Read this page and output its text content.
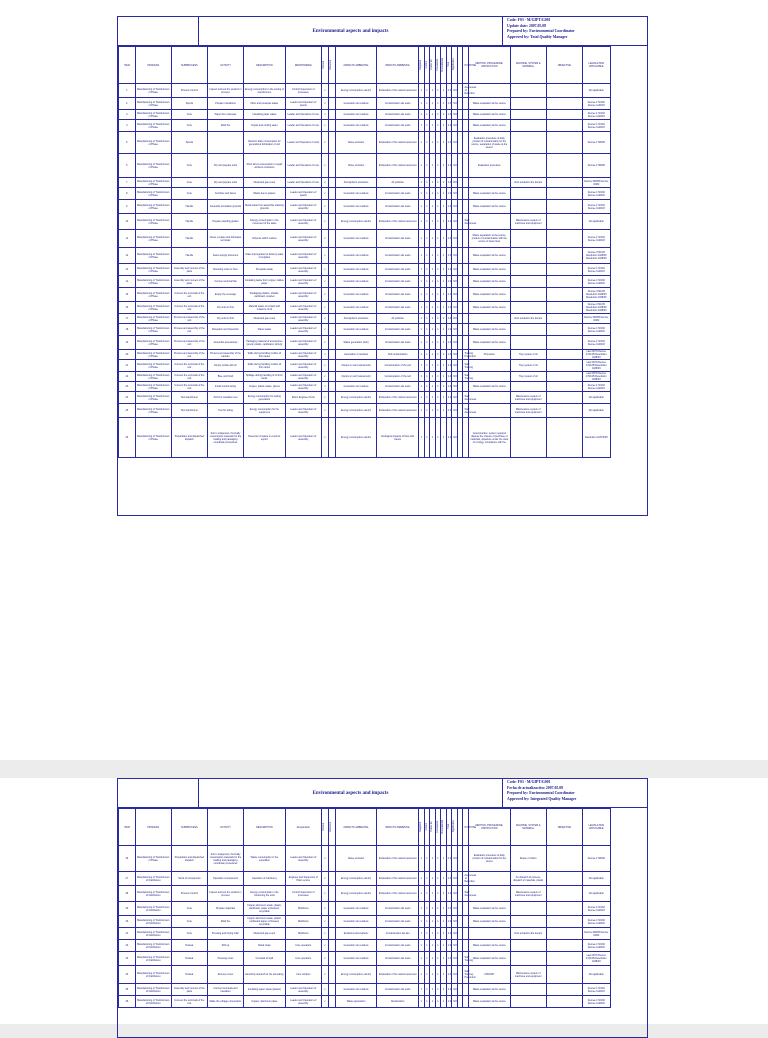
Environmental aspects and impacts
Code: F03 - M/GIPT/G001
Update date: 2007.05.08
Prepared by: Environmental Coordinator
Approved by: Total Quality Manager
ITEM	PROCESS	SUBPROCESS	ACTIVITY	DESCRIPTION	RESPONSIBLE	Normal	Abnormal	ASPECTO AMBIENTAL	IMPACTO AMBIENTAL	Magnitud	Control	Partes int.	Frecuencia	Normatividad	Total	Significativo		PURPOSE	METHOD, PROCEDURE, INSTRUCTION	MACHINE, SYSTEM & MATERIAL	OBJECTIVE	LEGISLATION APPLICABLE
1	Manufacturing of Transformers of Phase	Process Control	Inspect and test the product in process	Energy consumption in the testing of transformers	Control Supervisor of processes	x		Energy consumption electric	Exhaustion of the natural resources	1	1	1	1	1	1.6	NO		Awareness of Retention				Not applicable
2	Manufacturing of Transformers of Phase	Spools	Prepare insulations	Fiber and presspan waste	Leader and Operators of spools	x		Generation de residuos	Contamination del suelo	1	1	1	1	1	1.6	NO			Waste separation at the source			Decree 1713/02 Decree 1140/03
3	Manufacturing of Transformers of Phase	Core	Paper the nucleuses	Insulating paper waste	Leader and Operators of core	x		Generation de residuos	Contamination del suelo	1	1	1	1	1	1.6	NO			Waste separation at the source			Decree 1713/02 Decree 1140/03
4	Manufacturing of Transformers of Phase	Core	Mold the	Impact and cooling water	Leader and Operators of core	x		Generation de residuos	Contamination del suelo	1	1	1	1	1	1.6	NO			Waste separation at the source			Decree 1713/02 Decree 1140/03
5	Manufacturing of Transformers of Phase	Spools		Random daily consumption for generalized lubrication of unit	Leader and Operators of units	x		Noise emission	Exhaustion of the natural resources	1	1	1	1	1	1.6	NO			Evaluation procedure of daily product of contamination for the source, separation of waste at the source			Decree 1728/96
6	Manufacturing of Transformers of Phase	Core	Dry and prepare units	Short direct consumption to repair ambient emissions	Leader and Operators of core	x		Noise emission	Exhaustion of the natural resources	1	1	1	1	1	1.6	NO			Evaluation procedure			Decree 1728/96
7	Manufacturing of Transformers of Phase	Core	Dry and prepare units	Metal and gas event	Leader and Operators of core	x		Atmospheric emissions	Air pollution	1	1	1	1	1	1.6	NO				Dust extraction the dumps		Decree 948/95 Decree 02/82
8	Manufacturing of Transformers of Phase	Core	Combine and tissue	Waste due to papers	Leader and Operators of spools	x		Generation de residuos	Contamination del suelo	1	1	1	1	1	1.6	NO			Waste separation at the source			Decree 1713/02 Decree 1140/03
9	Manufacturing of Transformers of Phase	Handle	Assemble simulation grounds	Metal waste from assemble stacking grounds	Leader and Operators of assembly	x		Generation de residuos	Contamination del suelo	1	1	1	1	1	1.6	NO			Waste separation at the source			Decree 1713/02 Decree 1140/03
10	Manufacturing of Transformers of Phase	Handle	Prepare standing grades	Energy consumption in the movement of the sales	Leader and Operators of assembly	x		Energy consumption electric	Exhaustion of the natural resources	1	1	1	1	1	1.6	NO		Staff Awareness		Maintenance system of machines and equipment		Not applicable
11	Manufacturing of Transformers of Phase	Handle	Clean, prepare and lubricates terminals	Solvents which residue	Leader and Operators of assembly	x		Generation de residuos	Contamination del suelo	1	1	1	1	1	1.6	NO			Waste separation at the source, product of contamination with the source of clean lines			Decree 1713/02 Decree 1140/03
12	Manufacturing of Transformers of Phase	Handle	Seal a supply document	Glass impregnated of delivery water of supplies	Leader and Operators of assembly	x		Generation de residuos	Contamination del suelo	1	1	1	1	1	1.6	NO			Waste separation at the source			Decree 4741/05 Resolution 1188/03 Resolution 1188/03
13	Manufacturing of Transformers of Phase	Assembly and connect of the parts	Mounting units on lines	Presspan waste	Leader and Operators of assembly	x		Generation de residuos	Contamination del suelo	1	1	1	1	1	1.6	NO			Waste separation at the source			Decree 1713/02 Decree 1140/03
14	Manufacturing of Transformers of Phase	Assembly and connect of the parts	Connect terminal flat	Insulating waste from copper, cables paper	Leader and Operators of assembly	x		Generation de residuos	Contamination del suelo	1	1	1	1	1	1.6	NO			Waste separation at the source			Decree 1713/02 Decree 1140/03
15	Manufacturing of Transformers of Phase	Connect the terminals of the unit	Empty the coverage	Packaging plastics, shields, cardboard, wooden	Leader and Operators of assembly	x		Generation de residuos	Contamination del suelo	1	1	1	1	1	4.1	NO			Waste separation at the source			Decree 4741/05 Resolution 1188/03 Resolution 1188/03
16	Manufacturing of Transformers of Phase	Connect the terminals of the unit	Dry units in Port	Material waste of contact with nuisance of oil	Leader and Operators of assembly	x		Generation de residuos	Contamination del suelo	1	1	1	1	1	1.6	NO			Waste separation at the source			Decree 4741/05 Resolution 1188/03 Resolution 1188/03
17	Manufacturing of Transformers of Phase	Process and assembly of the unit	Dry units in Port	Metal and gas event	Leader and Operators of assembly	x		Atmospheric emissions	Air pollution	1	1	1	1	1	1.6	NO				Dust extraction the dumps		Decree 948/95 Decree 02/82
18	Manufacturing of Transformers of Phase	Process and assembly of the unit	Reception and Inspection	Paper waste	Leader and Operators of assembly	x		Generation de residuos	Contamination del suelo	1	1	1	1	1	1.6	NO			Waste separation at the source			Decree 1713/02 Decree 1140/03
19	Manufacturing of Transformers of Phase	Process and assembly of the unit	Assemble accessories	Packaging material of accessories (wood, plastic, cardboard, stirrup)	Leader and Operators of assembly	x		Waste generation (Ash)	Contamination del suelo	1	1	1	1	1	1.6	NO			Waste separation at the source			Decree 1713/02 Decree 1140/03
20	Manufacturing of Transformers of Phase	Process and assembly of the unit	Process and assembly of the transfer	Spills during handling mobile oil from tanks	Leader and Operators of assembly	x		Generation of residues	Soil contamination	1	1	1	1	1	1.6	NO		Training, Prevention	Procedure	Tray system of oil		Law 09/79 Decree 4741/05 Resolution 1188/03
21	Manufacturing of Transformers of Phase	Connect the terminals of the unit	Empty mobile with oil	Spills during handling mobile oil from tanks	Leader and Operators of assembly	x		Dumps on soil (natural soil)	Contamination of the soil	1	1	1	1	1	1.6	NO		Staff Training		Tray system of oil		Law 09/79 Decree 4741/05 Resolution 1188/03
22	Manufacturing of Transformers of Phase	Connect the terminals of the unit	Blue unit finish	Spillage during handling of oil from tanks	Leader and Operators of assembly	x		Dumps on soil (natural soil)	Contamination of the soil	1	1	1	1	1	1.6	NO		Staff Training		Tray system of oil		Law 09/79 Decree 4741/05 Resolution 1188/03
23	Manufacturing of Transformers of Phase	Connect the terminals of the unit	Install control wiring	Copper, plastic waste, gloves	Leader and Operators of assembly	x		Generation de residuos	Contamination del suelo	1	1	1	1	1	1.6	NO			Waste separation at the source			Decree 1713/02 Decree 1140/03
24	Manufacturing of Transformers of Phase	Test transformer	Perform insulation test	Energy consumption for testing generators	Room Engineer Tests	x		Energy consumption electric	Exhaustion of the natural resources	1	1	1	1	1	1.6	NO		Staff Awareness		Maintenance system of machines and equipment		Not applicable
25	Manufacturing of Transformers of Phase	Test transformer	Test for wiring	Energy consumption for the equipment	Leader and Operators of assembly	x		Energy consumption electric	Exhaustion of the natural resources	1	1	1	1	1	1.6	NO		Staff Awareness		Maintenance system of machines and equipment		Not applicable
26	Manufacturing of Transformers of Phase	Preparation and dispatched dispatch	Sort ir antigenous, thermally consumption materials for the loading and packaging coordinate procedures	Reservoir of waste in excel for export	Leader and Operators of assembly	x		Energy consumption electric	Ecological impacts of floor with facets	1	1	1	1	1	1.6	NO			Good practice: system required dispose the closure of purchase of materials, departure under the clear of ecology, compliance with the			Resolution 1047/0/05
Environmental aspects and impacts
Code: F03 - M/GIPT/G001
Fecha de actualización: 2007.05.08
Prepared by: Environmental Coordinator
Approved by: Integrated Quality Manager
ITEM	PROCESS	SUBPROCESS	ACTIVITY	DESCRIPTION	Responsible	Normal	Abnormal	ASPECTO AMBIENTAL	IMPACTO AMBIENTAL	Magnitud	Control	Partes int.	Frecuencia	Normatividad	Total	Significativo		PURPOSE	METHOD, PROCEDURE, INSTRUCTION	MACHINE, SYSTEM & MATERIAL	OBJECTIVE	LEGISLATION APPLICABLE
26	Manufacturing of Transformers of Phase	Preparation and dispatched dispatch	Sort ir antigenous, thermally consumption materials for the loading and packaging coordinate procedures	Waste consumption in the expedition	Leader and Operators of assembly	x		Noise emission	Exhaustion of the natural resources	1	1	1	1	1	1.6	NO			Evaluation procedure of daily product of contamination for the source	Reuse of rollers		Decree 1728/96
27	Manufacturing of Transformers of Distribution	Stock of components	Operation compressors	Operation of machinery	Engineer and Supervisor of Plant service	x		Energy consumption electric	Exhaustion of the natural resources	1	1	1	1	1	1.6	NO		Awareness of Retention		Air dispatch of process, dispatch of materials, plastic		Not applicable
28	Manufacturing of Transformers of Distribution	Process Control	Inspect and test the product in process	Energy consumption in the monitoring the tools	Control Supervisor of processes	x		Energy consumption electric	Exhaustion of the natural resources	1	1	1	1	1	1.6	NO		Staff Awareness		Maintenance system of machines and equipment		Not applicable
29	Manufacturing of Transformers of Distribution	Core	Prepare materials	Copper aluminum waste, plastic, cardboard, paper embossed, recyclable	Workforce	x		Generation de residuos	Contamination del suelo	1	1	1	1	1	1.6	NO			Waste separation at the source			Decree 1713/02 Decree 1140/03
30	Manufacturing of Transformers of Distribution	Core	Mold the	Copper aluminum waste, plastic, cardboard paper embossed, recyclable	Workforce	x		Generation de residuos	Contamination del suelo	1	1	1	1	1	1.6	NO			Waste separation at the source			Decree 1713/02 Decree 1140/03
31	Manufacturing of Transformers of Distribution	Core	Pressing and drying roller	Metal and gas event	Workforce	x		Emissions atmospheric	Contamination del aire	1	1	1	1	1	1.6	NO				Dust extraction the dumps		Decree 948/95 Decree 02/82
32	Manufacturing of Transformers of Distribution	Nuclear	Roll up	Metal scrap	Core operators	x		Generation de residuos	Contamination del suelo	1	1	1	1	1	1.6	NO			Waste separation at the source			Decree 1713/02 Decree 1140/03
33	Manufacturing of Transformers of Distribution	Nuclear	Pressing cores	Cut-back oil spill	Core operators	x		Generation de residuos	Contamination del suelo	1	1	1	1	1	1.6	NO		Staff Training	Waste separation at the source			Law 09/79 Decree 4741/05 Resolution 1188/03
34	Manufacturing of Transformers of Distribution	Nuclear	Remove cores	Electricity demand for the annealing	Core workers	x		Energy consumption electric	Exhaustion of the natural resources	1	1	1	1	1	1.6	NO		Staff Training, Prevention	CPF0407	Maintenance system of machines and equipment		Not applicable
35	Manufacturing of Transformers of Distribution	Assembly and connect of the parts	Connect terminals and insulation	Insulating paper waste (plastic)	Leader and Operators of assembly	x		Generation de residuos	Contamination del suelo	1	1	1	1	1	1.6	NO			Waste separation at the source			Decree 1713/02 Decree 1140/03
36	Manufacturing of Transformers of Distribution	Connect the terminals of the unit	Make the voltage connections	Copper, aluminum paste	Leader and Operators of assembly	x		Waste generation	Reclamation	1	1	1	1	1	1.6	NO			Waste separation at the source			Decree 1713/02 Decree 1140/03
